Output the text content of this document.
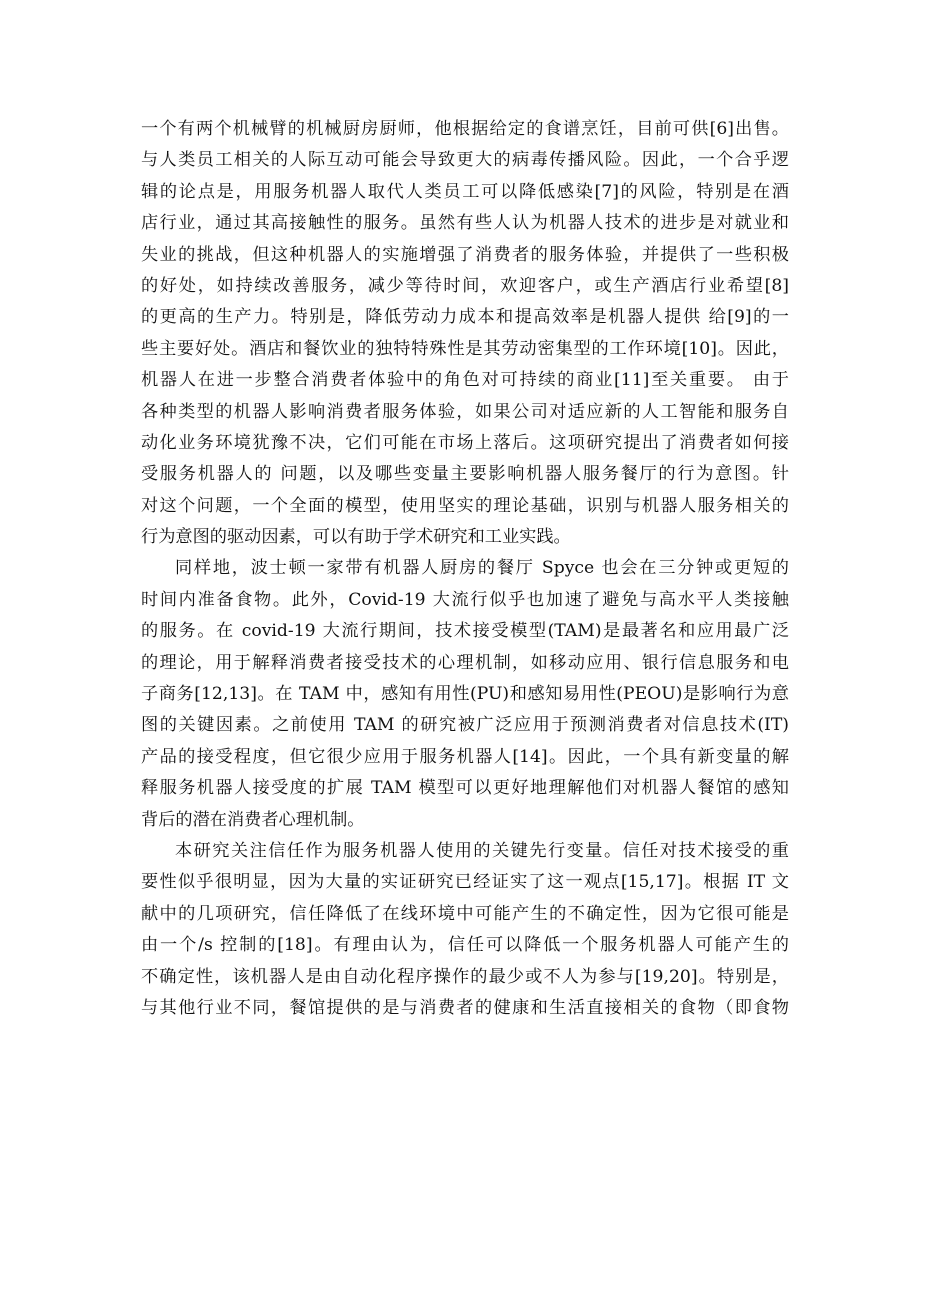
一个有两个机械臂的机械厨房厨师，他根据给定的食谱烹饪，目前可供[6]出售。
与人类员工相关的人际互动可能会导致更大的病毒传播风险。因此，一个合乎逻
辑的论点是，用服务机器人取代人类员工可以降低感染[7]的风险，特别是在酒
店行业，通过其高接触性的服务。虽然有些人认为机器人技术的进步是对就业和
失业的挑战，但这种机器人的实施增强了消费者的服务体验，并提供了一些积极
的好处，如持续改善服务，减少等待时间，欢迎客户，或生产酒店行业希望[8]
的更高的生产力。特别是，降低劳动力成本和提高效率是机器人提供 给[9]的一
些主要好处。酒店和餐饮业的独特特殊性是其劳动密集型的工作环境[10]。因此，
机器人在进一步整合消费者体验中的角色对可持续的商业[11]至关重要。 由于
各种类型的机器人影响消费者服务体验，如果公司对适应新的人工智能和服务自
动化业务环境犹豫不决，它们可能在市场上落后。这项研究提出了消费者如何接
受服务机器人的 问题，以及哪些变量主要影响机器人服务餐厅的行为意图。针
对这个问题，一个全面的模型，使用坚实的理论基础，识别与机器人服务相关的
行为意图的驱动因素，可以有助于学术研究和工业实践。
同样地，波士顿一家带有机器人厨房的餐厅 Spyce 也会在三分钟或更短的
时间内准备食物。此外，Covid-19 大流行似乎也加速了避免与高水平人类接触
的服务。在 covid-19 大流行期间，技术接受模型(TAM)是最著名和应用最广泛
的理论，用于解释消费者接受技术的心理机制，如移动应用、银行信息服务和电
子商务[12,13]。在 TAM 中，感知有用性(PU)和感知易用性(PEOU)是影响行为意
图的关键因素。之前使用 TAM 的研究被广泛应用于预测消费者对信息技术(IT)
产品的接受程度，但它很少应用于服务机器人[14]。因此，一个具有新变量的解
释服务机器人接受度的扩展 TAM 模型可以更好地理解他们对机器人餐馆的感知
背后的潜在消费者心理机制。
本研究关注信任作为服务机器人使用的关键先行变量。信任对技术接受的重
要性似乎很明显，因为大量的实证研究已经证实了这一观点[15,17]。根据 IT 文
献中的几项研究，信任降低了在线环境中可能产生的不确定性，因为它很可能是
由一个/s 控制的[18]。有理由认为，信任可以降低一个服务机器人可能产生的
不确定性，该机器人是由自动化程序操作的最少或不人为参与[19,20]。特别是，
与其他行业不同，餐馆提供的是与消费者的健康和生活直接相关的食物（即食物
